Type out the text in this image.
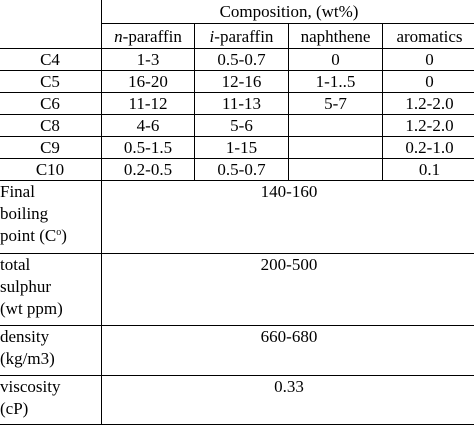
	Composition, (wt%)			
	n-paraffin	i-paraffin	naphthene	aromatics
C4	1-3	0.5-0.7	0	0
C5	16-20	12-16	1-1..5	0
C6	11-12	11-13	5-7	1.2-2.0
C8	4-6	5-6		1.2-2.0
C9	0.5-1.5	1-15		0.2-1.0
C10	0.2-0.5	0.5-0.7		0.1
Final
boiling
point $(C^o)$	140-160			
total
sulphur
(wt ppm)	200-500			
density
(kg/m3)	660-680			
viscosity
(cP)	0.33			
